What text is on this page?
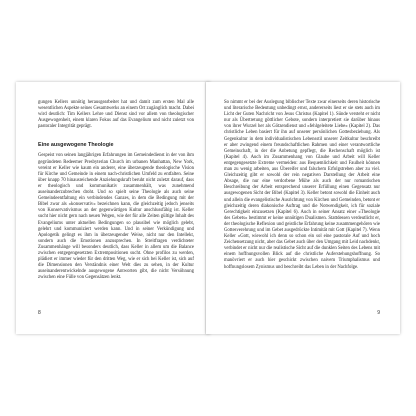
gungen Kellers unnötig herausgearbeitet hat und damit zum ersten Mal alle wesentlichen Aspekte seines Gesamtwerks an einem Ort zugänglich macht. Dabei wird deutlich: Tim Kellers Lehre und Dienst sind vor allem von theologischer Ausgewogenheit, einem klaren Fokus auf das Evangelium und nicht zuletzt von pastoraler Integrität geprägt.

Eine ausgewogene Theologie

Gespeist von seinen langjährigen Erfahrungen im Gemeindedienst in der von ihm gegründeten Redeemer Presbyterian Church im urbanen Manhattan, New York, vereint er Keller wie kaum ein anderer, eine überzeugende theologische Vision für Kirche und Gemeinde in einem nach-christlichen Umfeld zu entfalten. Seine über knapp 70 hinausreichende Anziehungskraft beruht nicht zuletzt darauf, dass er theologisch und kommunikativ zusammenhält, was zunehmend auseinanderzubrechen droht. Und so spielt seine Theologie als auch seine Gemeindeentfaltung ein verbindendes Ganzes, in dem die Bedingung mit der Bibel zwar als »konservativ« bezeichnen kann, die gleichzeitig jedoch jenseits von Konservativismus an der gegenwärtigen Kultur anschlussfähig ist. Keller sucht hier nicht gern nach neuen Wegen, wie der für alle Zeiten gültige Inhalt des Evangeliums unter aktuellen Bedingungen so plausibel wie möglich gelebt, gelehrt und kommuniziert werden kann. Und in seiner Verkündigung und Apologetik gelingt es ihm in überzeugender Weise, nicht nur den Intellekt, sondern auch die Emotionen anzusprechen. In Streitfragen verdichteter Zusammenhänge will besonders deutlich, dass Keller in allem um die Balance zwischen entgegengesetzten Extrempositionen sucht. Ohne profilos zu werden, plädiert er immer wieder für den dritten Weg, wie er sich bei Keller ist, sich auf die Dimensionen den Verständnis einer Welt dies zu sehen, in der Kultur auseinanderentwickelnde ausgewogene Antworten gibt, die nicht Versöhnung zwischen eine Fülle von Gegensätzen lenkt.

8

So nimmt er bei der Auslegung biblischer Texte zwar einerseits deren historische und literarische Bedeutung unbedingt ernst, andererseits liest er sie stets auch im Licht der Guten Nachricht von Jesus Christus (Kapitel 1). Sünde versteht er nicht nur als Übertretung göttlicher Gebote, sondern interpretiert sie darüber hinaus von ihrer Wurzel her als Götzendienst und »fehlgeleitete Liebe« (Kapitel 2). Das christliche Leben basiert für ihn auf unserer persönlichen Gottesbeziehung. Als Gegenkultur in dem individualistischen Lebensstil unserer Zeitkultur beschreibt er aber zwingend einem freundschaftlichen Rahmen und einer verantwortliche Gemeinschaft, in der die Anbetung gepflegt, die Rechenschaft möglich ist (Kapitel 4). Auch im Zusammenhang von Glaube und Arbeit will Keller entgegengesetzte Extreme vermeiden: aus Bequemlichkeit und Faulheit können man zu wenig arbeiten, aus Übereifer und falschem Erfolgstreben aber zu viel. Gleichzeitig gibt er sowohl der rein negativen Darstellung der Arbeit eine Absage, die nur eine verdorbene Mühe als auch der nur romantischen Beschreibung der Arbeit entsprechend unserer Erfüllung einen Gegensatz nur ausgewogenen Sicht der Bibel (Kapitel 3). Keller betont sowohl die Einheit auch und allein die evangelistische Ausrichtung von Kirchen und Gemeinden, betont er gleichzeitig deren diakonische Auftrag und die Notwendigkeit, ich für soziale Gerechtigkeit einzusetzen (Kapitel 6). Auch in seiner Ansatz einer »Theologie des Gebets« bestimmt er keine unnötigen Dualismen. Stattdessen verdeutlicht er, der theologische Reflexion und geistliche Erfahrung keine zusammengehören wie Gottesverehrung und im Gebet ausgedrückte Intimität mit Gott (Kapitel 7). Wenn Keller »Gott, wiewohl ich denn so schon ein sol eine pastorale Auf und hoch Zeichensetzung nicht, aber das Gebet auch über den Umgang mit Leid nachdenkt, verbindet er nicht nur die realistische Sicht auf die dunklen Seiten des Lebens mit einem hoffnungsvollen Blick auf die christliche Auferstehungshoffnung. So manövriert er auch hier geschickt zwischen naivem Triumphalismus und hoffnungslosem Zynismus und beschreibt das Leben in der Nachfolge.

9
